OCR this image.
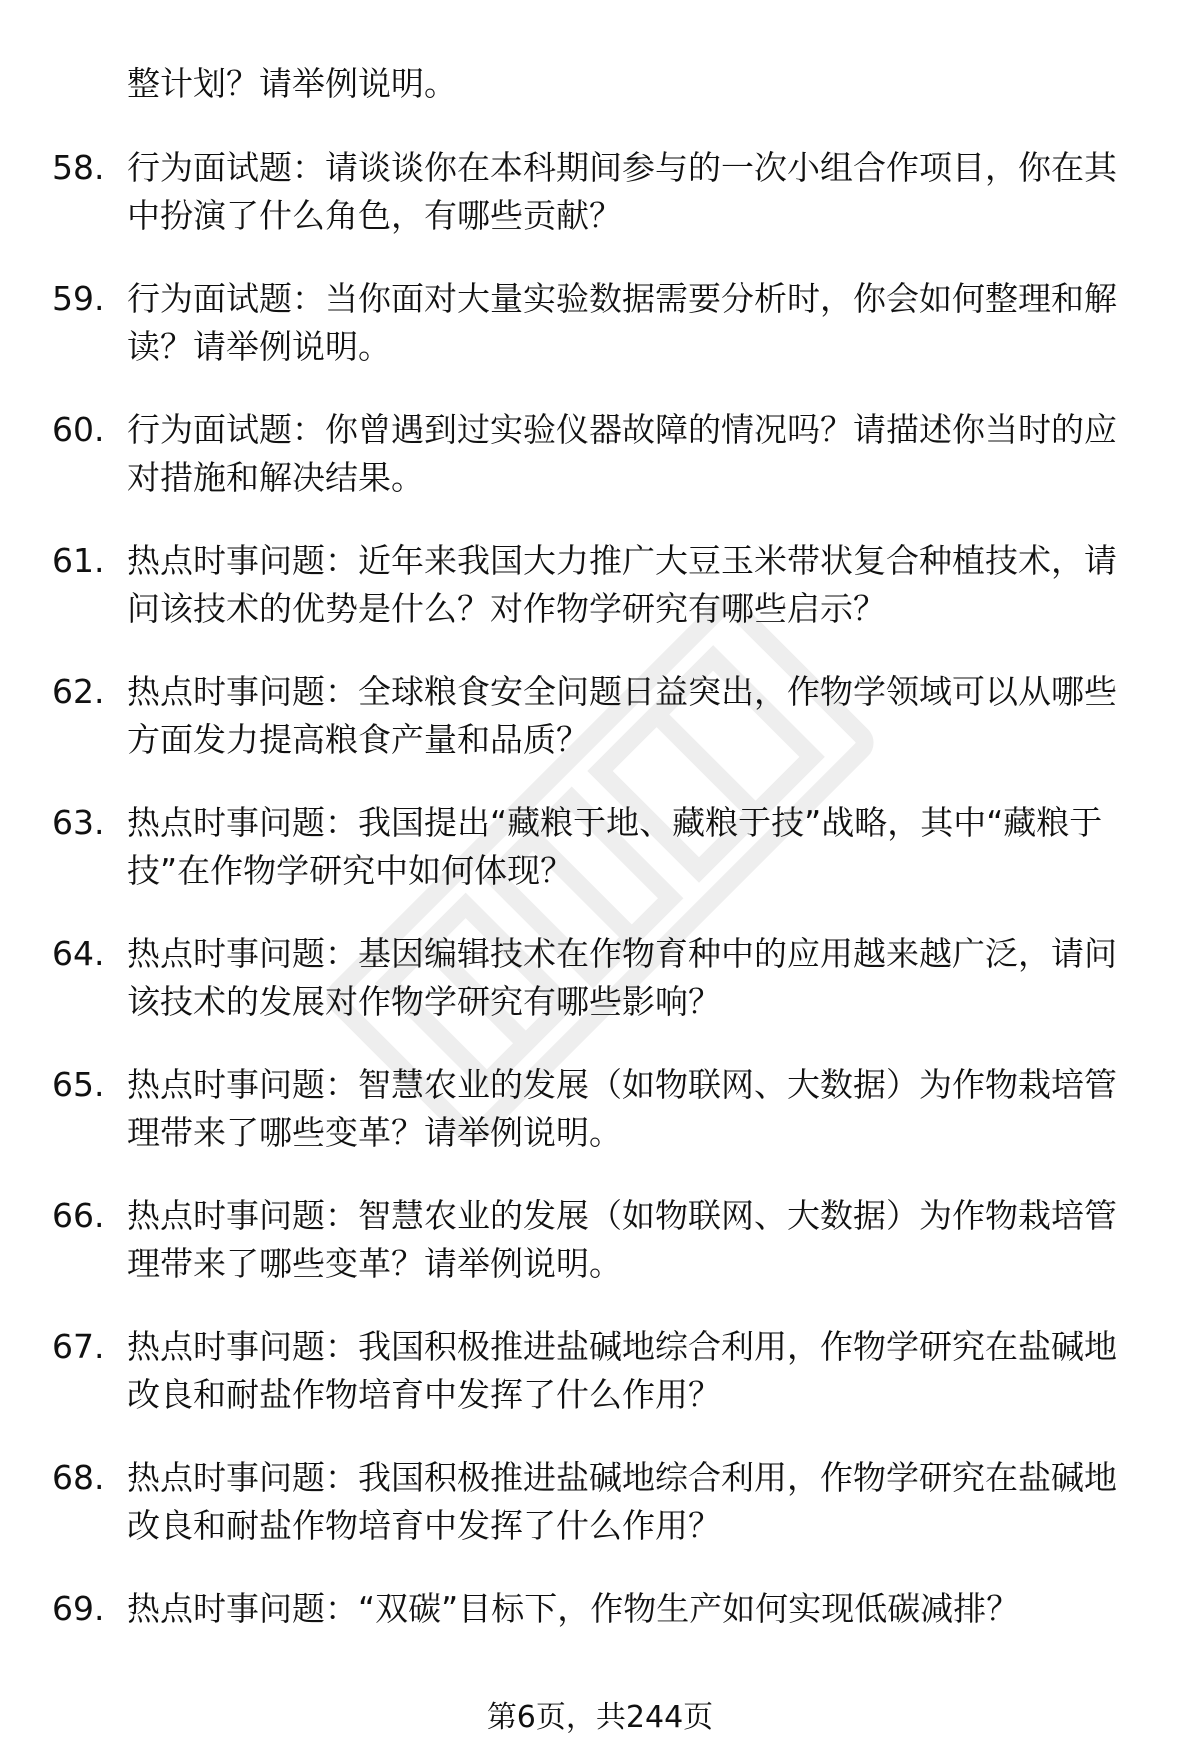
整计划？请举例说明。
58. 行为面试题：请谈谈你在本科期间参与的一次小组合作项目，你在其中扮演了什么角色，有哪些贡献？
59. 行为面试题：当你面对大量实验数据需要分析时，你会如何整理和解读？请举例说明。
60. 行为面试题：你曾遇到过实验仪器故障的情况吗？请描述你当时的应对措施和解决结果。
61. 热点时事问题：近年来我国大力推广大豆玉米带状复合种植技术，请问该技术的优势是什么？对作物学研究有哪些启示？
62. 热点时事问题：全球粮食安全问题日益突出，作物学领域可以从哪些方面发力提高粮食产量和品质？
63. 热点时事问题：我国提出“藏粮于地、藏粮于技”战略，其中“藏粮于技”在作物学研究中如何体现？
64. 热点时事问题：基因编辑技术在作物育种中的应用越来越广泛，请问该技术的发展对作物学研究有哪些影响？
65. 热点时事问题：智慧农业的发展（如物联网、大数据）为作物栽培管理带来了哪些变革？请举例说明。
66. 热点时事问题：智慧农业的发展（如物联网、大数据）为作物栽培管理带来了哪些变革？请举例说明。
67. 热点时事问题：我国积极推进盐碱地综合利用，作物学研究在盐碱地改良和耐盐作物培育中发挥了什么作用？
68. 热点时事问题：我国积极推进盐碱地综合利用，作物学研究在盐碱地改良和耐盐作物培育中发挥了什么作用？
69. 热点时事问题：“双碳”目标下，作物生产如何实现低碳减排？
第6页，共244页
